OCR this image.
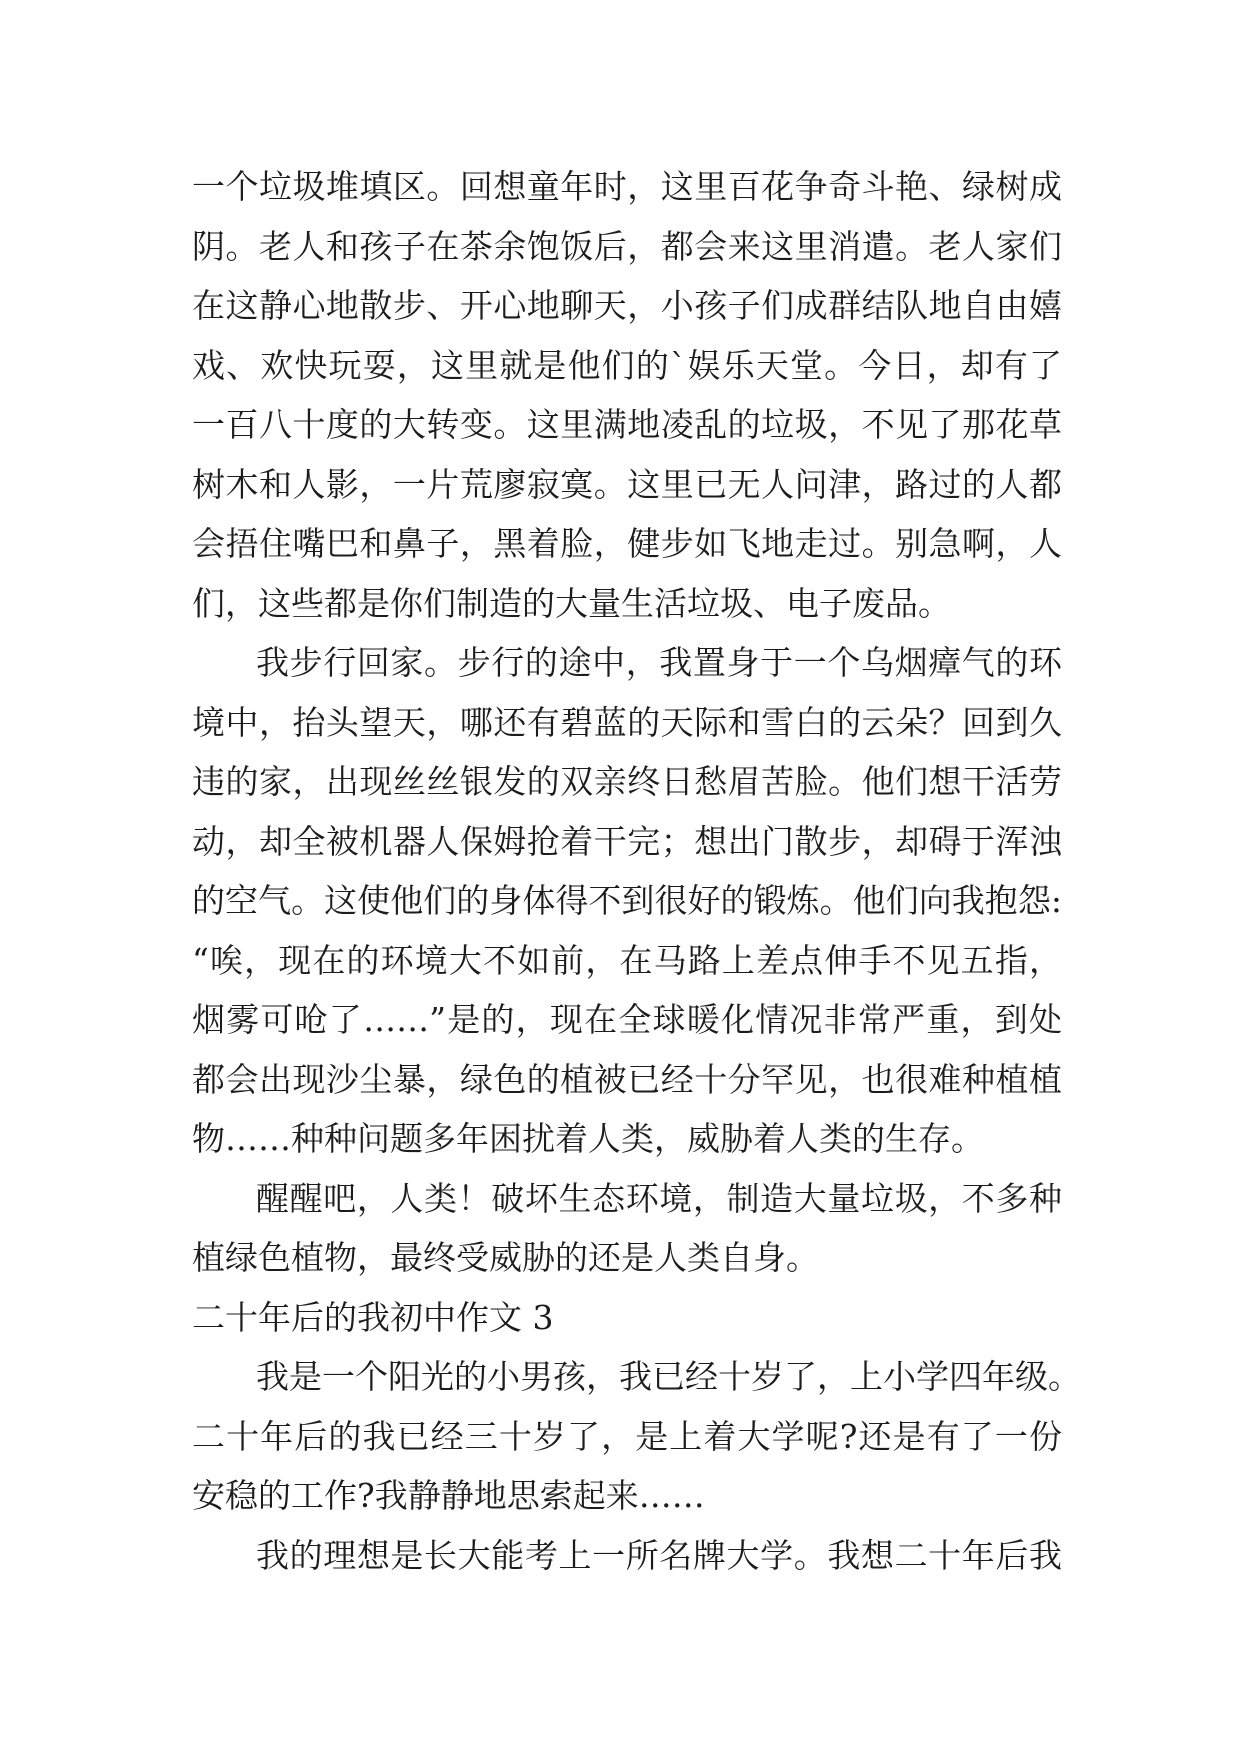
一个垃圾堆填区。回想童年时，这里百花争奇斗艳、绿树成
阴。老人和孩子在茶余饱饭后，都会来这里消遣。老人家们
在这静心地散步、开心地聊天，小孩子们成群结队地自由嬉
戏、欢快玩耍，这里就是他们的`娱乐天堂。今日，却有了
一百八十度的大转变。这里满地凌乱的垃圾，不见了那花草
树木和人影，一片荒廖寂寞。这里已无人问津，路过的人都
会捂住嘴巴和鼻子，黑着脸，健步如飞地走过。别急啊，人
们，这些都是你们制造的大量生活垃圾、电子废品。
我步行回家。步行的途中，我置身于一个乌烟瘴气的环
境中，抬头望天，哪还有碧蓝的天际和雪白的云朵？回到久
违的家，出现丝丝银发的双亲终日愁眉苦脸。他们想干活劳
动，却全被机器人保姆抢着干完；想出门散步，却碍于浑浊
的空气。这使他们的身体得不到很好的锻炼。他们向我抱怨:
“唉，现在的环境大不如前，在马路上差点伸手不见五指，
烟雾可呛了……”是的，现在全球暖化情况非常严重，到处
都会出现沙尘暴，绿色的植被已经十分罕见，也很难种植植
物……种种问题多年困扰着人类，威胁着人类的生存。
醒醒吧，人类！破坏生态环境，制造大量垃圾，不多种
植绿色植物，最终受威胁的还是人类自身。
二十年后的我初中作文 3
我是一个阳光的小男孩，我已经十岁了，上小学四年级。
二十年后的我已经三十岁了，是上着大学呢?还是有了一份
安稳的工作?我静静地思索起来……
我的理想是长大能考上一所名牌大学。我想二十年后我
